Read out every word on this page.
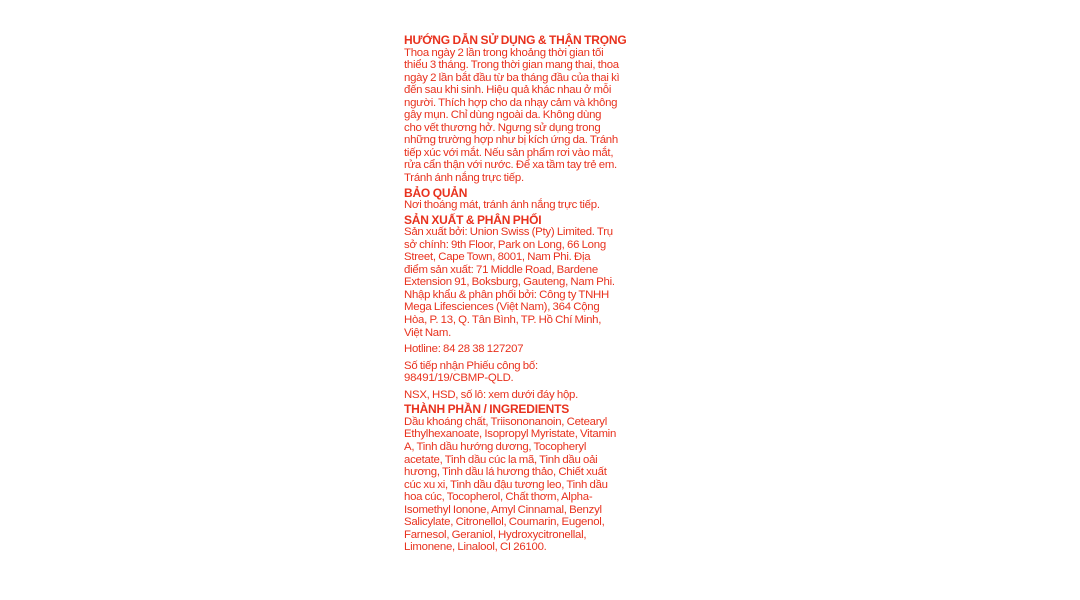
HƯỚNG DẪN SỬ DỤNG & THẬN TRỌNG

Thoa ngày 2 lần trong khoảng thời gian tối
thiểu 3 tháng. Trong thời gian mang thai, thoa
ngày 2 lần bắt đầu từ ba tháng đầu của thai kì
đến sau khi sinh. Hiệu quả khác nhau ở mỗi
người. Thích hợp cho da nhạy cảm và không
gây mụn. Chỉ dùng ngoài da. Không dùng
cho vết thương hở. Ngưng sử dụng trong
những trường hợp như bị kích ứng da. Tránh
tiếp xúc với mắt. Nếu sản phẩm rơi vào mắt,
rửa cẩn thận với nước. Để xa tầm tay trẻ em.
Tránh ánh nắng trực tiếp.

BẢO QUẢN

Nơi thoáng mát, tránh ánh nắng trực tiếp.

SẢN XUẤT & PHÂN PHỐI

Sản xuất bởi: Union Swiss (Pty) Limited. Trụ
sở chính: 9th Floor, Park on Long, 66 Long
Street, Cape Town, 8001, Nam Phi. Địa
điểm sản xuất: 71 Middle Road, Bardene
Extension 91, Boksburg, Gauteng, Nam Phi.
Nhập khẩu & phân phối bởi: Công ty TNHH
Mega Lifesciences (Việt Nam), 364 Cộng
Hòa, P. 13, Q. Tân Bình, TP. Hồ Chí Minh,
Việt Nam.

Hotline: 84 28 38 127207

Số tiếp nhận Phiếu công bố:
98491/19/CBMP-QLD.

NSX, HSD, số lô: xem dưới đáy hộp.

THÀNH PHẦN / INGREDIENTS

Dầu khoáng chất, Triisononanoin, Cetearyl
Ethylhexanoate, Isopropyl Myristate, Vitamin
A, Tinh dầu hướng dương, Tocopheryl
acetate, Tinh dầu cúc la mã, Tinh dầu oải
hương, Tinh dầu lá hương thảo, Chiết xuất
cúc xu xi, Tinh dầu đậu tương leo, Tinh dầu
hoa cúc, Tocopherol, Chất thơm, Alpha-
Isomethyl Ionone, Amyl Cinnamal, Benzyl
Salicylate, Citronellol, Coumarin, Eugenol,
Farnesol, Geraniol, Hydroxycitronellal,
Limonene, Linalool, CI 26100.
